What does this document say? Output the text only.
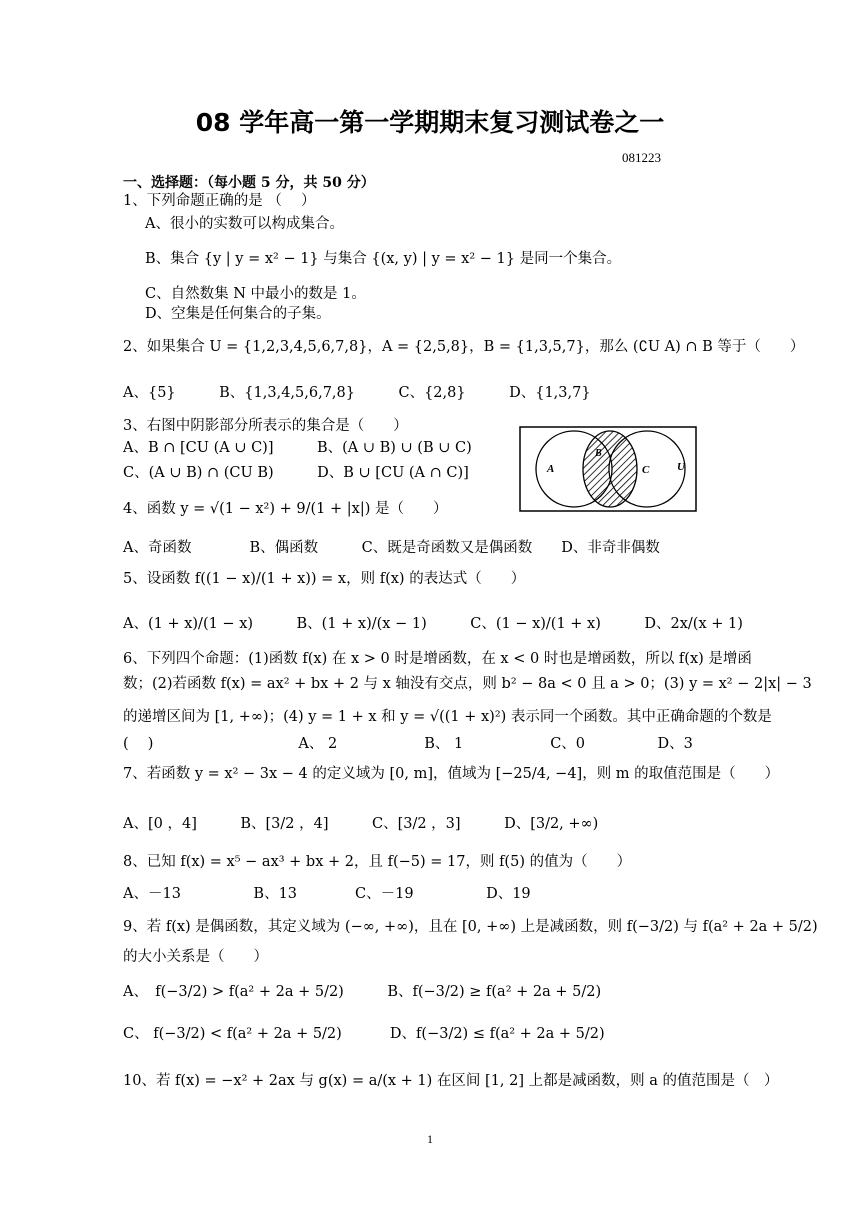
08 学年高一第一学期期末复习测试卷之一
081223
一、选择题：（每小题 5 分，共 50 分）
1、下列命题正确的是 （　 ）
A、很小的实数可以构成集合。
B、集合 {y | y = x² − 1} 与集合 {(x, y) | y = x² − 1} 是同一个集合。
C、自然数集 N 中最小的数是 1。
D、空集是任何集合的子集。
2、如果集合 U = {1,2,3,4,5,6,7,8}，A = {2,5,8}，B = {1,3,5,7}，那么 (∁U A) ∩ B 等于（　　）
A、{5}　　　B、{1,3,4,5,6,7,8}　　　C、{2,8}　　　D、{1,3,7}
3、右图中阴影部分所表示的集合是（　　）
A、B ∩ [CU (A ∪ C)]　　　B、(A ∪ B) ∪ (B ∪ C)
C、(A ∪ B) ∩ (CU B)　　　D、B ∪ [CU (A ∩ C)]	A
B
C	U
4、函数 y = √(1 − x²) + 9/(1 + |x|) 是（　　）
A、奇函数　　　　B、偶函数　　　C、既是奇函数又是偶函数　　D、非奇非偶数
5、设函数 f((1 − x)/(1 + x)) = x，则 f(x) 的表达式（　　）
A、(1 + x)/(1 − x)　　　B、(1 + x)/(x − 1)　　　C、(1 − x)/(1 + x)　　　D、2x/(x + 1)
6、下列四个命题：(1)函数 f(x) 在 x > 0 时是增函数，在 x < 0 时也是增函数，所以 f(x) 是增函
数；(2)若函数 f(x) = ax² + bx + 2 与 x 轴没有交点，则 b² − 8a < 0 且 a > 0；(3) y = x² − 2|x| − 3
的递增区间为 [1, +∞)；(4) y = 1 + x 和 y = √((1 + x)²) 表示同一个函数。其中正确命题的个数是
(　 )　　　　　　　　　　A、 2　　　　　　B、 1　　　　　　C、0　　　　　D、3
7、若函数 y = x² − 3x − 4 的定义域为 [0, m]，值域为 [−25/4, −4]，则 m 的取值范围是（　　）
A、[0 ，4]　　　B、[3/2 ，4]　　　C、[3/2 ，3]　　　D、[3/2, +∞)
8、已知 f(x) = x⁵ − ax³ + bx + 2，且 f(−5) = 17，则 f(5) 的值为（　　）
A、－13　　　　　B、13　　　　C、－19　　　　　D、19
9、若 f(x) 是偶函数，其定义域为 (−∞, +∞)，且在 [0, +∞) 上是减函数，则 f(−3/2) 与 f(a² + 2a + 5/2)
的大小关系是（　　）
A、　f(−3/2) > f(a² + 2a + 5/2)　　　B、f(−3/2) ≥ f(a² + 2a + 5/2)
C、 f(−3/2) < f(a² + 2a + 5/2)　　　 D、f(−3/2) ≤ f(a² + 2a + 5/2)
10、若 f(x) = −x² + 2ax 与 g(x) = a/(x + 1) 在区间 [1, 2] 上都是减函数，则 a 的值范围是（　）
1
